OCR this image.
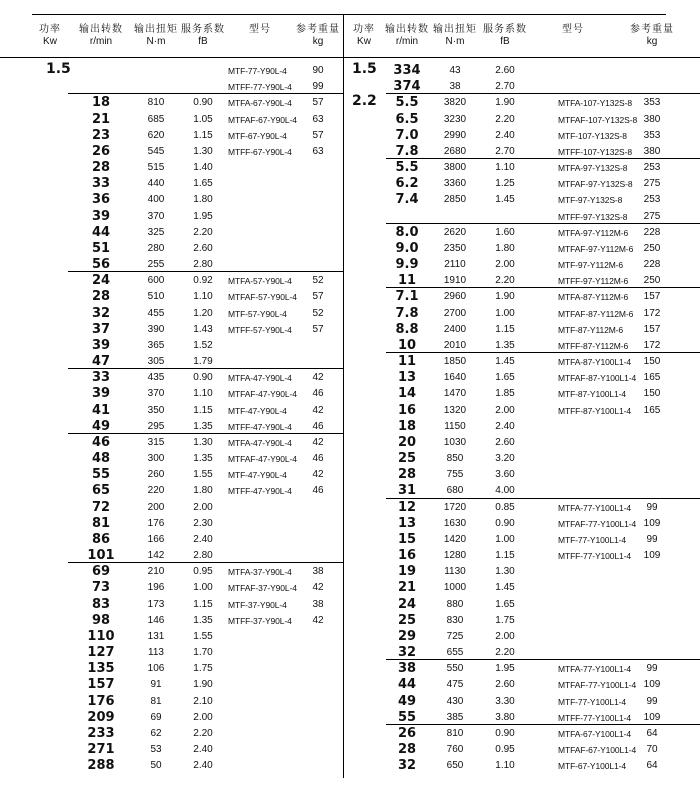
功率
Kw
输出转数
r/min
输出扭矩
N·m
服务系数
fB
型号	参考重量
kg
MTF-77-Y90L-4	90
MTFF-77-Y90L-4	99
18	810	0.90	MTFA-67-Y90L-4	57
21	685	1.05	MTFAF-67-Y90L-4	63
23	620	1.15	MTF-67-Y90L-4	57
26	545	1.30	MTFF-67-Y90L-4	63
28	515	1.40
33	440	1.65
36	400	1.80
39	370	1.95
44	325	2.20
51	280	2.60
56	255	2.80
24	600	0.92	MTFA-57-Y90L-4	52
28	510	1.10	MTFAF-57-Y90L-4	57
32	455	1.20	MTF-57-Y90L-4	52
37	390	1.43	MTFF-57-Y90L-4	57
39	365	1.52
47	305	1.79
33	435	0.90	MTFA-47-Y90L-4	42
39	370	1.10	MTFAF-47-Y90L-4	46
41	350	1.15	MTF-47-Y90L-4	42
49	295	1.35	MTFF-47-Y90L-4	46
46	315	1.30	MTFA-47-Y90L-4	42
48	300	1.35	MTFAF-47-Y90L-4	46
55	260	1.55	MTF-47-Y90L-4	42
65	220	1.80	MTFF-47-Y90L-4	46
72	200	2.00
81	176	2.30
86	166	2.40
101	142	2.80
69	210	0.95	MTFA-37-Y90L-4	38
73	196	1.00	MTFAF-37-Y90L-4	42
83	173	1.15	MTF-37-Y90L-4	38
98	146	1.35	MTFF-37-Y90L-4	42
110	131	1.55
127	113	1.70
135	106	1.75
157	91	1.90
176	81	2.10
209	69	2.00
233	62	2.20
271	53	2.40
288	50	2.40
1.5
功率
Kw
输出转数
r/min
输出扭矩
N·m
服务系数
fB
型号	参考重量
kg
334	43	2.60
374	38	2.70
5.5	3820	1.90	MTFA-107-Y132S-8	353
6.5	3230	2.20	MTFAF-107-Y132S-8 380
7.0	2990	2.40	MTF-107-Y132S-8	353
7.8	2680	2.70	MTFF-107-Y132S-8	380
5.5	3800	1.10	MTFA-97-Y132S-8	253
6.2	3360	1.25	MTFAF-97-Y132S-8	275
7.4	2850	1.45	MTF-97-Y132S-8	253
MTFF-97-Y132S-8	275
8.0	2620	1.60	MTFA-97-Y112M-6	228
9.0	2350	1.80	MTFAF-97-Y112M-6	250
9.9	2110	2.00	MTF-97-Y112M-6	228
11	1910	2.20	MTFF-97-Y112M-6	250
7.1	2960	1.90	MTFA-87-Y112M-6	157
7.8	2700	1.00	MTFAF-87-Y112M-6	172
8.8	2400	1.15	MTF-87-Y112M-6	157
10	2010	1.35	MTFF-87-Y112M-6	172
11	1850	1.45	MTFA-87-Y100L1-4	150
13	1640	1.65	MTFAF-87-Y100L1-4 165
14	1470	1.85	MTF-87-Y100L1-4	150
16	1320	2.00	MTFF-87-Y100L1-4	165
18	1150	2.40
20	1030	2.60
25	850	3.20
28	755	3.60
31	680	4.00
12	1720	0.85	MTFA-77-Y100L1-4	99
13	1630	0.90	MTFAF-77-Y100L1-4 109
15	1420	1.00	MTF-77-Y100L1-4	99
16	1280	1.15	MTFF-77-Y100L1-4	109
19	1130	1.30
21	1000	1.45
24	880	1.65
25	830	1.75
29	725	2.00
32	655	2.20
38	550	1.95	MTFA-77-Y100L1-4	99
44	475	2.60	MTFAF-77-Y100L1-4 109
49	430	3.30	MTF-77-Y100L1-4	99
55	385	3.80	MTFF-77-Y100L1-4	109
26	810	0.90	MTFA-67-Y100L1-4	64
28	760	0.95	MTFAF-67-Y100L1-4	70
32	650	1.10	MTF-67-Y100L1-4	64
1.5
2.2
